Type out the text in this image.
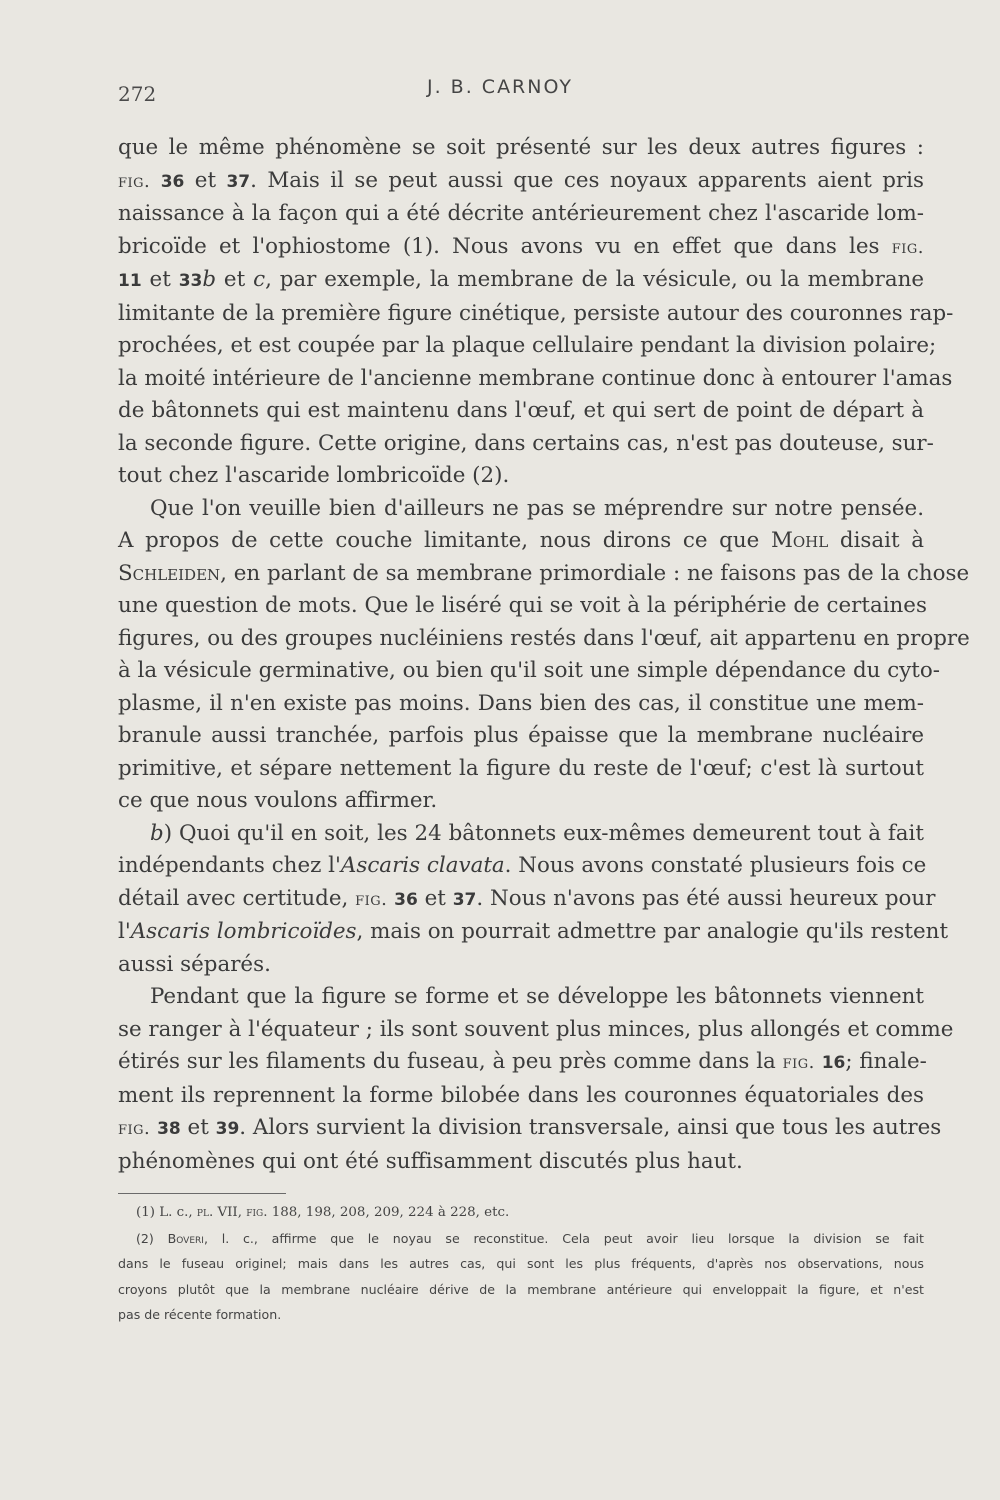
272	J. B. CARNOY
que le même phénomène se soit présenté sur les deux autres figures :
fig. 36 et 37. Mais il se peut aussi que ces noyaux apparents aient pris
naissance à la façon qui a été décrite antérieurement chez l'ascaride lom-
bricoïde et l'ophiostome (1). Nous avons vu en effet que dans les fig.
11 et 33b et c, par exemple, la membrane de la vésicule, ou la membrane
limitante de la première figure cinétique, persiste autour des couronnes rap-
prochées, et est coupée par la plaque cellulaire pendant la division polaire;
la moité intérieure de l'ancienne membrane continue donc à entourer l'amas
de bâtonnets qui est maintenu dans l'œuf, et qui sert de point de départ à
la seconde figure. Cette origine, dans certains cas, n'est pas douteuse, sur-
tout chez l'ascaride lombricoïde (2).
Que l'on veuille bien d'ailleurs ne pas se méprendre sur notre pensée.
A propos de cette couche limitante, nous dirons ce que Mohl disait à
Schleiden, en parlant de sa membrane primordiale : ne faisons pas de la chose
une question de mots. Que le liséré qui se voit à la périphérie de certaines
figures, ou des groupes nucléiniens restés dans l'œuf, ait appartenu en propre
à la vésicule germinative, ou bien qu'il soit une simple dépendance du cyto-
plasme, il n'en existe pas moins. Dans bien des cas, il constitue une mem-
branule aussi tranchée, parfois plus épaisse que la membrane nucléaire
primitive, et sépare nettement la figure du reste de l'œuf; c'est là surtout
ce que nous voulons affirmer.
b) Quoi qu'il en soit, les 24 bâtonnets eux-mêmes demeurent tout à fait
indépendants chez l'Ascaris clavata. Nous avons constaté plusieurs fois ce
détail avec certitude, fig. 36 et 37. Nous n'avons pas été aussi heureux pour
l'Ascaris lombricoïdes, mais on pourrait admettre par analogie qu'ils restent
aussi séparés.
Pendant que la figure se forme et se développe les bâtonnets viennent
se ranger à l'équateur ; ils sont souvent plus minces, plus allongés et comme
étirés sur les filaments du fuseau, à peu près comme dans la fig. 16; finale-
ment ils reprennent la forme bilobée dans les couronnes équatoriales des
fig. 38 et 39. Alors survient la division transversale, ainsi que tous les autres
phénomènes qui ont été suffisamment discutés plus haut.
(1) L. c., pl. VII, fig. 188, 198, 208, 209, 224 à 228, etc.
(2) Boveri, l. c., affirme que le noyau se reconstitue. Cela peut avoir lieu lorsque la division se fait
dans le fuseau originel; mais dans les autres cas, qui sont les plus fréquents, d'après nos observations, nous
croyons plutôt que la membrane nucléaire dérive de la membrane antérieure qui enveloppait la figure, et n'est
pas de récente formation.
